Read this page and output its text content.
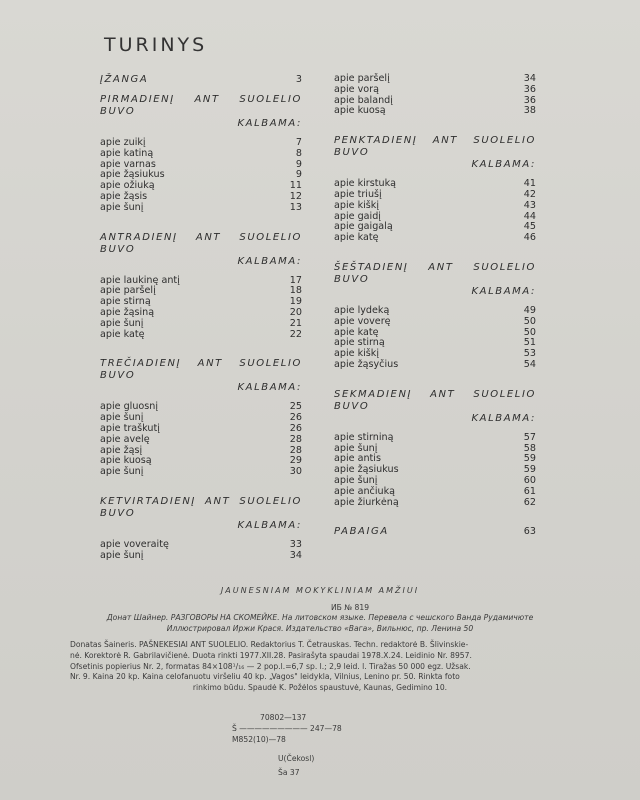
TURINYS
ĮŽANGA	3
PIRMADIENĮ ANT SUOLELIO BUVO
KALBAMA:
apie zuikį	7
apie katiną	8
apie varnas	9
apie žąsiukus	9
apie ožiuką	11
apie žąsis	12
apie šunį	13
ANTRADIENĮ ANT SUOLELIO BUVO
KALBAMA:
apie laukinę antį	17
apie paršelį	18
apie stirną	19
apie žąsiną	20
apie šunį	21
apie katę	22
TREČIADIENĮ ANT SUOLELIO BUVO
KALBAMA:
apie gluosnį	25
apie šunį	26
apie traškutį	26
apie avelę	28
apie žąsį	28
apie kuosą	29
apie šunį	30
KETVIRTADIENĮ ANT SUOLELIO BUVO
KALBAMA:
apie voveraitę	33
apie šunį	34
apie paršelį	34
apie vorą	36
apie balandį	36
apie kuosą	38
PENKTADIENĮ ANT SUOLELIO BUVO
KALBAMA:
apie kirstuką	41
apie triušį	42
apie kiškį	43
apie gaidį	44
apie gaigalą	45
apie katę	46
ŠEŠTADIENĮ ANT SUOLELIO BUVO
KALBAMA:
apie lydeką	49
apie voverę	50
apie katę	50
apie stirną	51
apie kiškį	53
apie žąsyčius	54
SEKMADIENĮ ANT SUOLELIO BUVO
KALBAMA:
apie stirniną	57
apie šunį	58
apie antis	59
apie žąsiukus	59
apie šunį	60
apie ančiuką	61
apie žiurkėną	62
PABAIGA	63
JAUNESNIAM MOKYKLINIAM AMŽIUI
ИБ № 819
Донат Шайнер. РАЗГОВОРЫ НА СКОМЕЙКЕ. На литовском языке. Перевела с чешского Ванда Рудамичюте
Иллюстрировал Иржи Крася. Издательство «Вага», Вильнюс, пр. Ленина 50
Donatas Šaineris. PAŠNEKESIAI ANT SUOLELIO. Redaktorius T. Četrauskas. Techn. redaktorė B. Šlivinskie-
nė. Korektorė R. Gabrilavičienė. Duota rinkti 1977.XII.28. Pasirašyta spaudai 1978.X.24. Leidinio Nr. 8957.
Ofsetinis popierius Nr. 2, formatas 84×108¹/₁₆ — 2 pop.l.=6,7 sp. l.; 2,9 leid. l. Tiražas 50 000 egz. Užsak.
Nr. 9. Kaina 20 kp. Kaina celofanuotu viršeliu 40 kp. „Vagos" leidykla, Vilnius, Lenino pr. 50. Rinkta foto
rinkimo būdu. Spaudė K. Požėlos spaustuvė, Kaunas, Gedimino 10.
70802—137
Š ————————— 247—78
M852(10)—78
U(Čekosl)
Ša 37
